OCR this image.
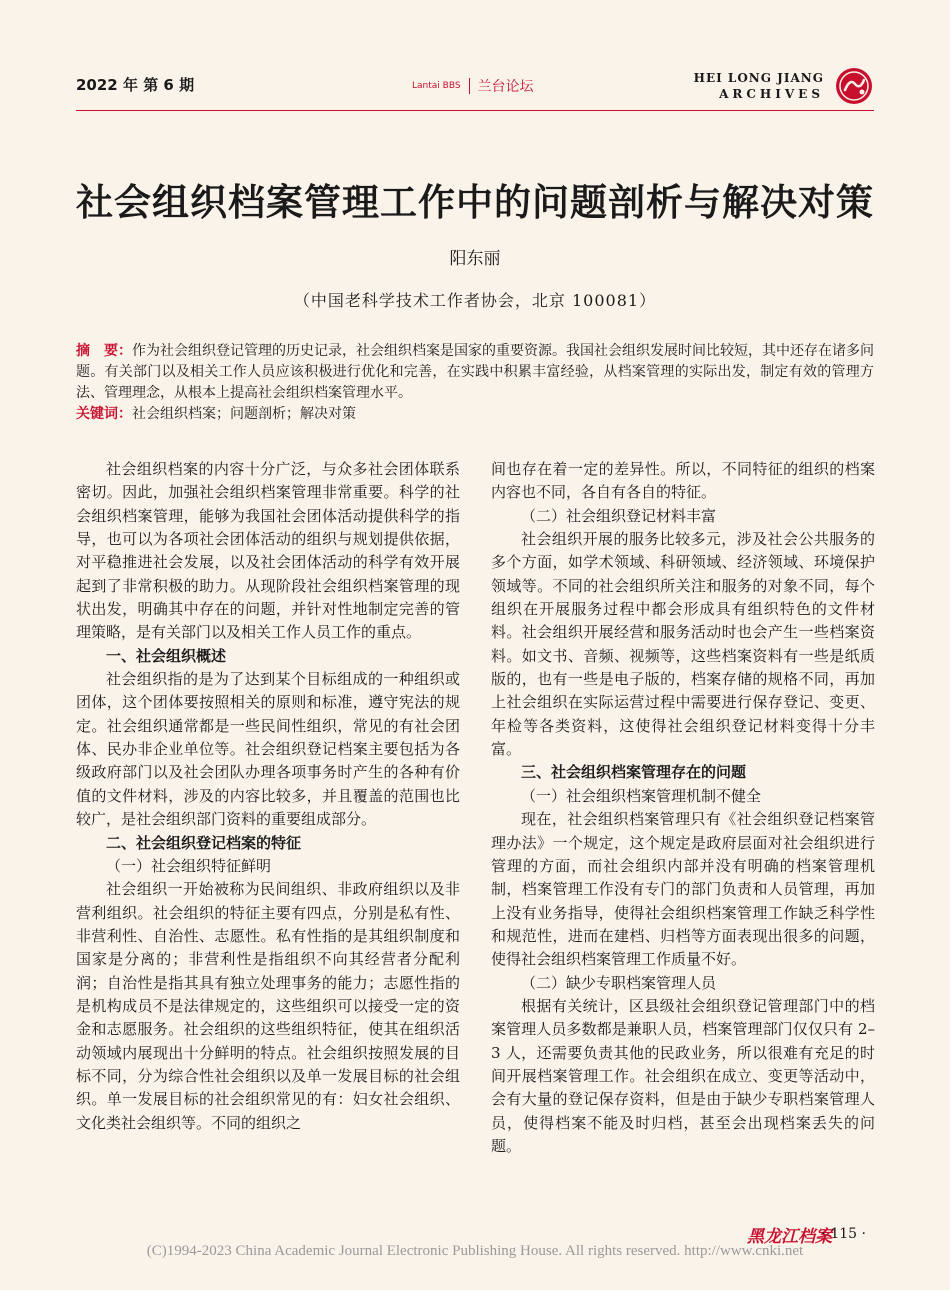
2022 年 第 6 期	Lantai BBS 兰台论坛
HEI LONG JIANG
ARCHIVES
社会组织档案管理工作中的问题剖析与解决对策
阳东丽
（中国老科学技术工作者协会，北京 100081）
摘　要：作为社会组织登记管理的历史记录，社会组织档案是国家的重要资源。我国社会组织发展时间比较短，其中还存在诸多问题。有关部门以及相关工作人员应该积极进行优化和完善，在实践中积累丰富经验，从档案管理的实际出发，制定有效的管理方法、管理理念，从根本上提高社会组织档案管理水平。
关键词：社会组织档案；问题剖析；解决对策

社会组织档案的内容十分广泛，与众多社会团体联系密切。因此，加强社会组织档案管理非常重要。科学的社会组织档案管理，能够为我国社会团体活动提供科学的指导，也可以为各项社会团体活动的组织与规划提供依据，对平稳推进社会发展，以及社会团体活动的科学有效开展起到了非常积极的助力。从现阶段社会组织档案管理的现状出发，明确其中存在的问题，并针对性地制定完善的管理策略，是有关部门以及相关工作人员工作的重点。

一、社会组织概述

社会组织指的是为了达到某个目标组成的一种组织或团体，这个团体要按照相关的原则和标准，遵守宪法的规定。社会组织通常都是一些民间性组织，常见的有社会团体、民办非企业单位等。社会组织登记档案主要包括为各级政府部门以及社会团队办理各项事务时产生的各种有价值的文件材料，涉及的内容比较多，并且覆盖的范围也比较广，是社会组织部门资料的重要组成部分。

二、社会组织登记档案的特征
（一）社会组织特征鲜明

社会组织一开始被称为民间组织、非政府组织以及非营利组织。社会组织的特征主要有四点，分别是私有性、非营利性、自治性、志愿性。私有性指的是其组织制度和国家是分离的；非营利性是指组织不向其经营者分配利润；自治性是指其具有独立处理事务的能力；志愿性指的是机构成员不是法律规定的，这些组织可以接受一定的资金和志愿服务。社会组织的这些组织特征，使其在组织活动领域内展现出十分鲜明的特点。社会组织按照发展的目标不同，分为综合性社会组织以及单一发展目标的社会组织。单一发展目标的社会组织常见的有：妇女社会组织、文化类社会组织等。不同的组织之

间也存在着一定的差异性。所以，不同特征的组织的档案内容也不同，各自有各自的特征。

（二）社会组织登记材料丰富

社会组织开展的服务比较多元，涉及社会公共服务的多个方面，如学术领域、科研领域、经济领域、环境保护领域等。不同的社会组织所关注和服务的对象不同，每个组织在开展服务过程中都会形成具有组织特色的文件材料。社会组织开展经营和服务活动时也会产生一些档案资料。如文书、音频、视频等，这些档案资料有一些是纸质版的，也有一些是电子版的，档案存储的规格不同，再加上社会组织在实际运营过程中需要进行保存登记、变更、年检等各类资料，这使得社会组织登记材料变得十分丰富。

三、社会组织档案管理存在的问题
（一）社会组织档案管理机制不健全

现在，社会组织档案管理只有《社会组织登记档案管理办法》一个规定，这个规定是政府层面对社会组织进行管理的方面，而社会组织内部并没有明确的档案管理机制，档案管理工作没有专门的部门负责和人员管理，再加上没有业务指导，使得社会组织档案管理工作缺乏科学性和规范性，进而在建档、归档等方面表现出很多的问题，使得社会组织档案管理工作质量不好。

（二）缺少专职档案管理人员

根据有关统计，区县级社会组织登记管理部门中的档案管理人员多数都是兼职人员，档案管理部门仅仅只有 2–3 人，还需要负责其他的民政业务，所以很难有充足的时间开展档案管理工作。社会组织在成立、变更等活动中，会有大量的登记保存资料，但是由于缺少专职档案管理人员，使得档案不能及时归档，甚至会出现档案丢失的问题。

黑龙江档案
· 115 ·
(C)1994-2023 China Academic Journal Electronic Publishing House. All rights reserved. http://www.cnki.net
